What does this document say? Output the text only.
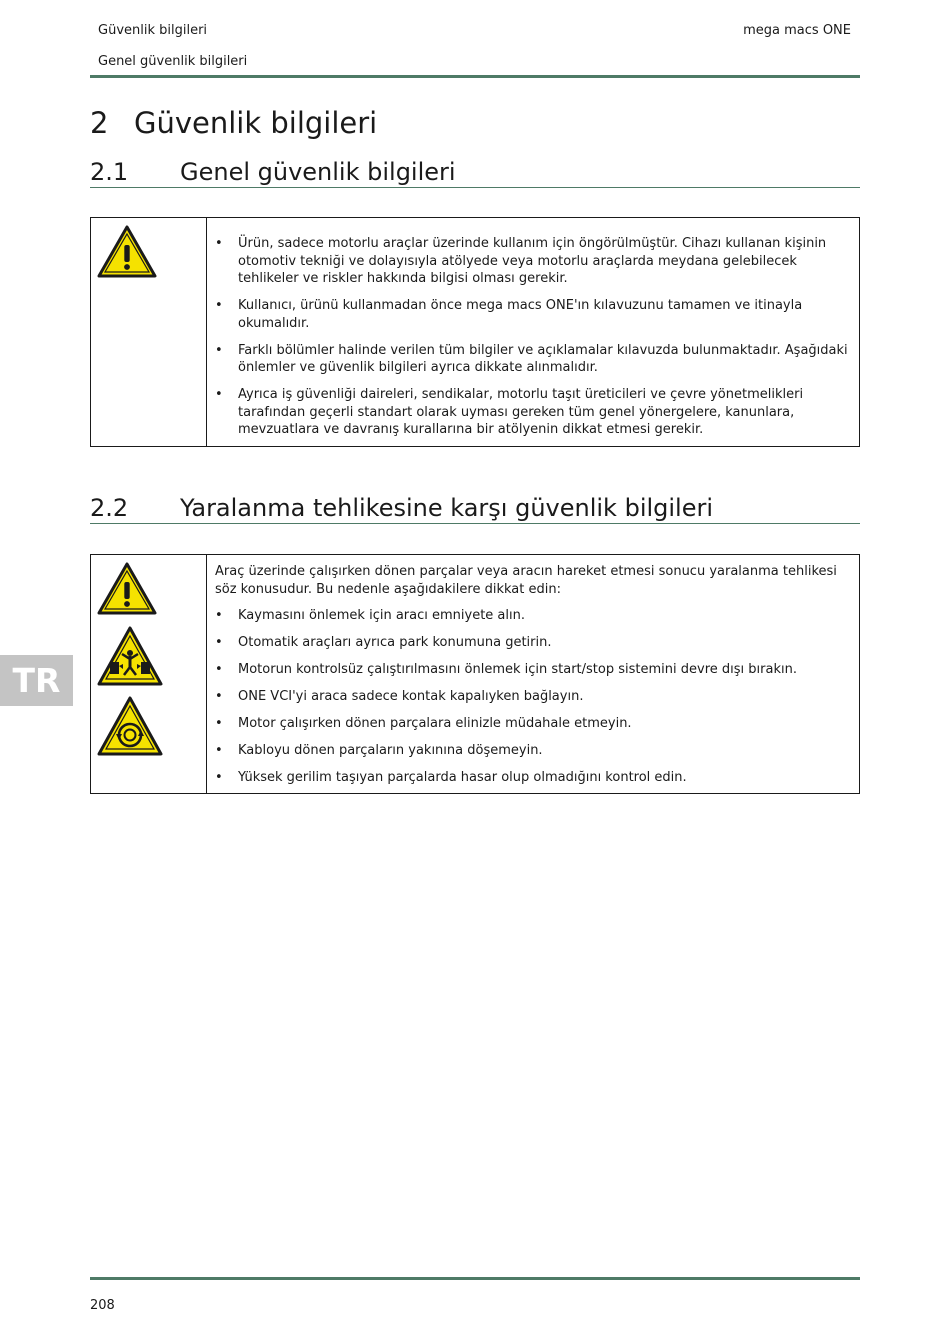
Güvenlik bilgileri	mega macs ONE
Genel güvenlik bilgileri
2 Güvenlik bilgileri
2.1 Genel güvenlik bilgileri
• Ürün, sadece motorlu araçlar üzerinde kullanım için öngörülmüştür. Cihazı kullanan kişinin otomotiv tekniği ve dolayısıyla atölyede veya motorlu araçlarda meydana gelebilecek tehlikeler ve riskler hakkında bilgisi olması gerekir.
• Kullanıcı, ürünü kullanmadan önce mega macs ONE'ın kılavuzunu tamamen ve itinayla okumalıdır.
• Farklı bölümler halinde verilen tüm bilgiler ve açıklamalar kılavuzda bulunmaktadır. Aşağıdaki önlemler ve güvenlik bilgileri ayrıca dikkate alınmalıdır.
• Ayrıca iş güvenliği daireleri, sendikalar, motorlu taşıt üreticileri ve çevre yönetmelikleri tarafından geçerli standart olarak uyması gereken tüm genel yönergelere, kanunlara, mevzuatlara ve davranış kurallarına bir atölyenin dikkat etmesi gerekir.
2.2 Yaralanma tehlikesine karşı güvenlik bilgileri

Araç üzerinde çalışırken dönen parçalar veya aracın hareket etmesi sonucu yaralanma tehlikesi söz konusudur. Bu nedenle aşağıdakilere dikkat edin:

• Kaymasını önlemek için aracı emniyete alın.
• Otomatik araçları ayrıca park konumuna getirin.
• Motorun kontrolsüz çalıştırılmasını önlemek için start/stop sistemini devre dışı bırakın.
• ONE VCI'yi araca sadece kontak kapalıyken bağlayın.
• Motor çalışırken dönen parçalara elinizle müdahale etmeyin.
• Kabloyu dönen parçaların yakınına döşemeyin.
• Yüksek gerilim taşıyan parçalarda hasar olup olmadığını kontrol edin.
TR
208
